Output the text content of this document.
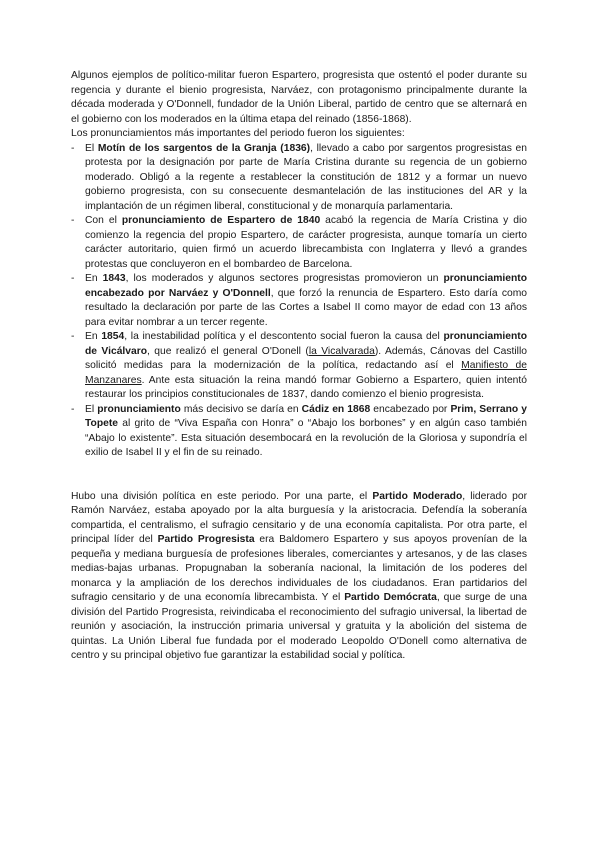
Algunos ejemplos de político-militar fueron Espartero, progresista que ostentó el poder durante su regencia y durante el bienio progresista, Narváez, con protagonismo principalmente durante la década moderada y O'Donnell, fundador de la Unión Liberal, partido de centro que se alternará en el gobierno con los moderados en la última etapa del reinado (1856-1868).

Los pronunciamientos más importantes del periodo fueron los siguientes:

- El Motín de los sargentos de la Granja (1836), llevado a cabo por sargentos progresistas en protesta por la designación por parte de María Cristina durante su regencia de un gobierno moderado. Obligó a la regente a restablecer la constitución de 1812 y a formar un nuevo gobierno progresista, con su consecuente desmantelación de las instituciones del AR y la implantación de un régimen liberal, constitucional y de monarquía parlamentaria.
- Con el pronunciamiento de Espartero de 1840 acabó la regencia de María Cristina y dio comienzo la regencia del propio Espartero, de carácter progresista, aunque tomaría un cierto carácter autoritario, quien firmó un acuerdo librecambista con Inglaterra y llevó a grandes protestas que concluyeron en el bombardeo de Barcelona.
- En 1843, los moderados y algunos sectores progresistas promovieron un pronunciamiento encabezado por Narváez y O'Donnell, que forzó la renuncia de Espartero. Esto daría como resultado la declaración por parte de las Cortes a Isabel II como mayor de edad con 13 años para evitar nombrar a un tercer regente.
- En 1854, la inestabilidad política y el descontento social fueron la causa del pronunciamiento de Vicálvaro, que realizó el general O'Donell (la Vicalvarada). Además, Cánovas del Castillo solicitó medidas para la modernización de la política, redactando así el Manifiesto de Manzanares. Ante esta situación la reina mandó formar Gobierno a Espartero, quien intentó restaurar los principios constitucionales de 1837, dando comienzo el bienio progresista.
- El pronunciamiento más decisivo se daría en Cádiz en 1868 encabezado por Prim, Serrano y Topete al grito de “Viva España con Honra” o “Abajo los borbones” y en algún caso también “Abajo lo existente”. Esta situación desembocará en la revolución de la Gloriosa y supondría el exilio de Isabel II y el fin de su reinado.

Hubo una división política en este periodo. Por una parte, el Partido Moderado, liderado por Ramón Narváez, estaba apoyado por la alta burguesía y la aristocracia. Defendía la soberanía compartida, el centralismo, el sufragio censitario y de una economía capitalista. Por otra parte, el principal líder del Partido Progresista era Baldomero Espartero y sus apoyos provenían de la pequeña y mediana burguesía de profesiones liberales, comerciantes y artesanos, y de las clases medias-bajas urbanas. Propugnaban la soberanía nacional, la limitación de los poderes del monarca y la ampliación de los derechos individuales de los ciudadanos. Eran partidarios del sufragio censitario y de una economía librecambista. Y el Partido Demócrata, que surge de una división del Partido Progresista, reivindicaba el reconocimiento del sufragio universal, la libertad de reunión y asociación, la instrucción primaria universal y gratuita y la abolición del sistema de quintas. La Unión Liberal fue fundada por el moderado Leopoldo O'Donell como alternativa de centro y su principal objetivo fue garantizar la estabilidad social y política.
